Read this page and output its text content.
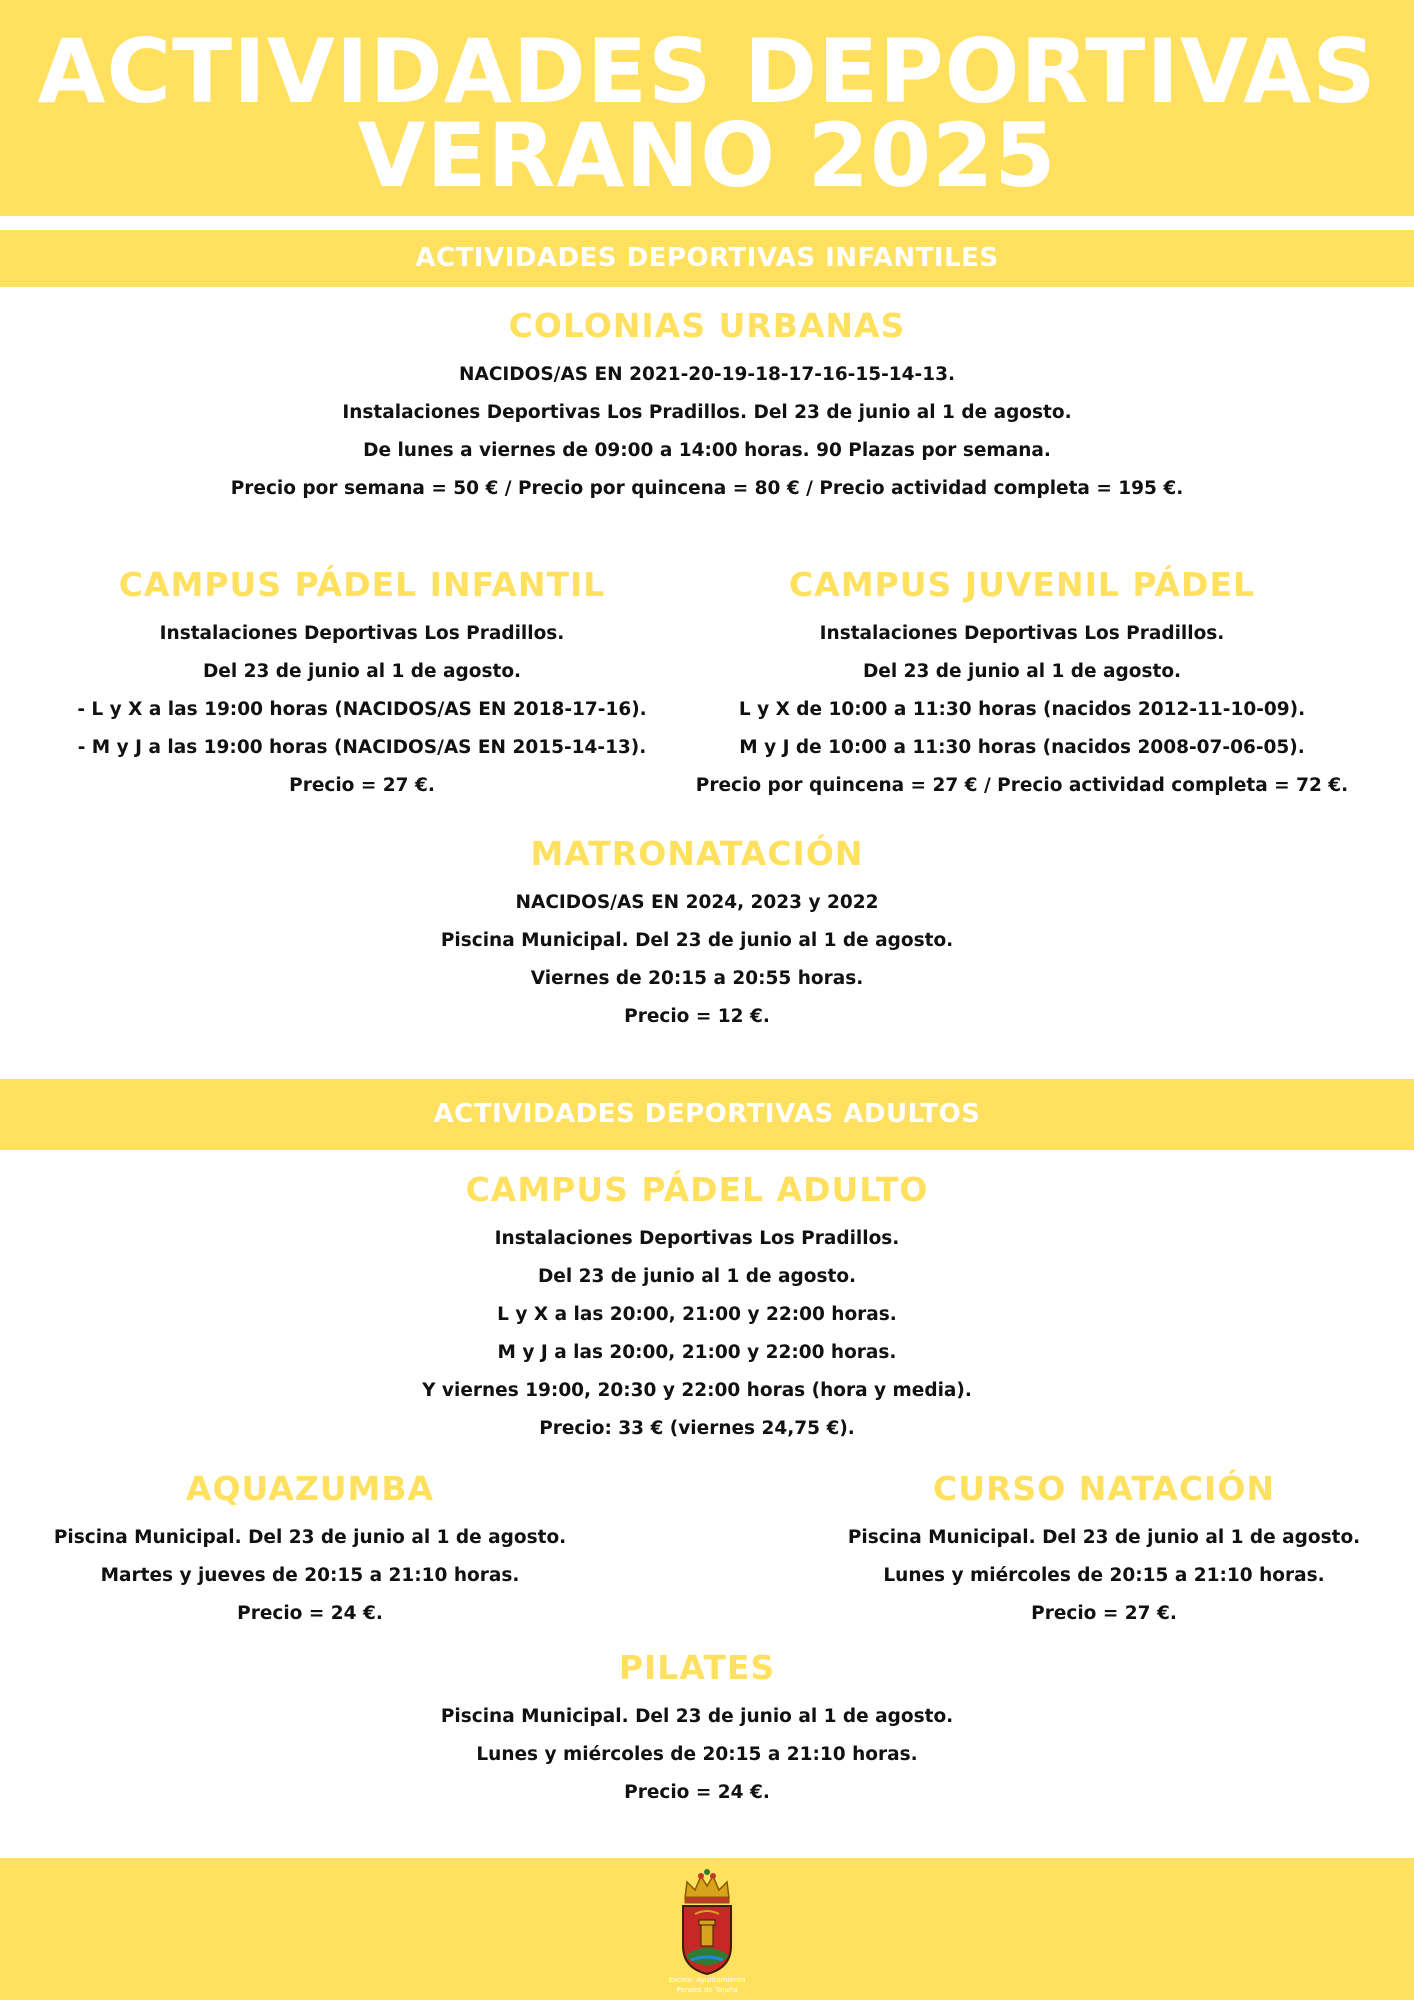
ACTIVIDADES DEPORTIVAS
VERANO 2025
ACTIVIDADES DEPORTIVAS INFANTILES
COLONIAS URBANAS

NACIDOS/AS EN 2021-20-19-18-17-16-15-14-13.

Instalaciones Deportivas Los Pradillos. Del 23 de junio al 1 de agosto.

De lunes a viernes de 09:00 a 14:00 horas. 90 Plazas por semana.

Precio por semana = 50 € / Precio por quincena = 80 € / Precio actividad completa = 195 €.

CAMPUS PÁDEL INFANTIL

Instalaciones Deportivas Los Pradillos.

Del 23 de junio al 1 de agosto.

- L y X a las 19:00 horas (NACIDOS/AS EN 2018-17-16).

- M y J a las 19:00 horas (NACIDOS/AS EN 2015-14-13).

Precio = 27 €.

CAMPUS JUVENIL PÁDEL

Instalaciones Deportivas Los Pradillos.

Del 23 de junio al 1 de agosto.

L y X de 10:00 a 11:30 horas (nacidos 2012-11-10-09).

M y J de 10:00 a 11:30 horas (nacidos 2008-07-06-05).

Precio por quincena = 27 € / Precio actividad completa = 72 €.

MATRONATACIÓN

NACIDOS/AS EN 2024, 2023 y 2022

Piscina Municipal. Del 23 de junio al 1 de agosto.

Viernes de 20:15 a 20:55 horas.

Precio = 12 €.

ACTIVIDADES DEPORTIVAS ADULTOS
CAMPUS PÁDEL ADULTO

Instalaciones Deportivas Los Pradillos.

Del 23 de junio al 1 de agosto.

L y X a las 20:00, 21:00 y 22:00 horas.

M y J a las 20:00, 21:00 y 22:00 horas.

Y viernes 19:00, 20:30 y 22:00 horas (hora y media).

Precio: 33 € (viernes 24,75 €).

AQUAZUMBA

Piscina Municipal. Del 23 de junio al 1 de agosto.

Martes y jueves de 20:15 a 21:10 horas.

Precio = 24 €.

CURSO NATACIÓN

Piscina Municipal. Del 23 de junio al 1 de agosto.

Lunes y miércoles de 20:15 a 21:10 horas.

Precio = 27 €.

PILATES

Piscina Municipal. Del 23 de junio al 1 de agosto.

Lunes y miércoles de 20:15 a 21:10 horas.

Precio = 24 €.

Excmo. Ayuntamiento
Perales de Tajuña
